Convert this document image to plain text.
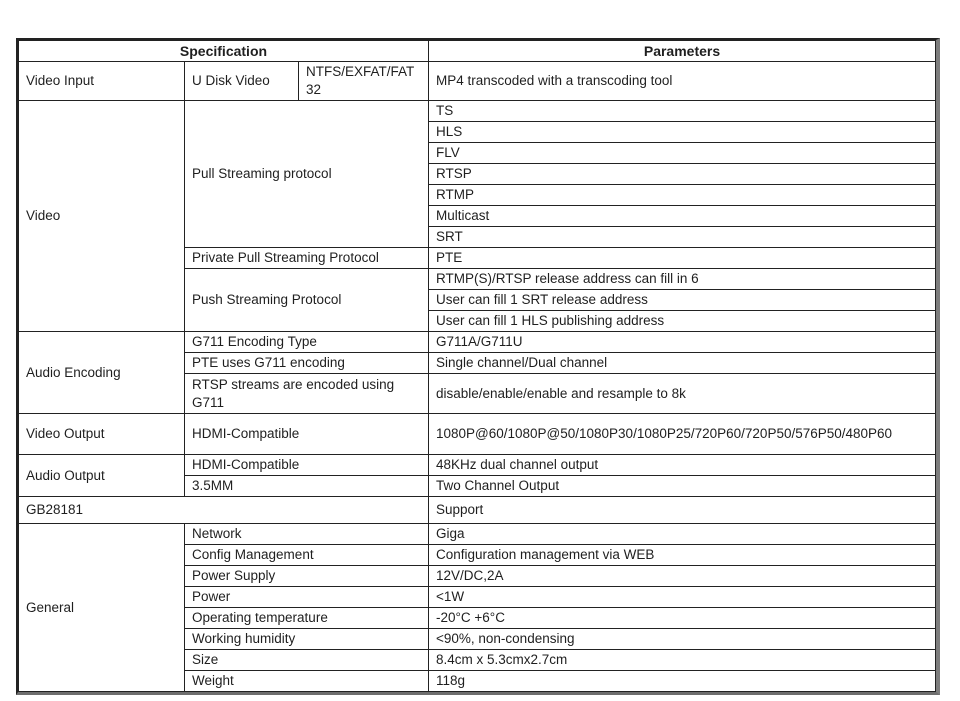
Specification			Parameters
Video Input	U Disk Video	NTFS/EXFAT/FAT32	MP4 transcoded with a transcoding tool
Video	Pull Streaming protocol		TS
			HLS
			FLV
			RTSP
			RTMP
			Multicast
			SRT
	Private Pull Streaming Protocol		PTE
	Push Streaming Protocol		RTMP(S)/RTSP release address can fill in 6
			User can fill 1 SRT release address
			User can fill 1 HLS publishing address
Audio Encoding	G711 Encoding Type		G711A/G711U
	PTE uses G711 encoding		Single channel/Dual channel
	RTSP streams are encoded using G711		disable/enable/enable and resample to 8k
Video Output	HDMI-Compatible		1080P@60/1080P@50/1080P30/1080P25/720P60/720P50/576P50/480P60
Audio Output	HDMI-Compatible		48KHz dual channel output
	3.5MM		Two Channel Output
GB28181			Support
General	Network		Giga
	Config Management		Configuration management via WEB
	Power Supply		12V/DC,2A
	Power		<1W
	Operating temperature		-20°C +6°C
	Working humidity		<90%, non-condensing
	Size		8.4cm x 5.3cmx2.7cm
	Weight		118g
